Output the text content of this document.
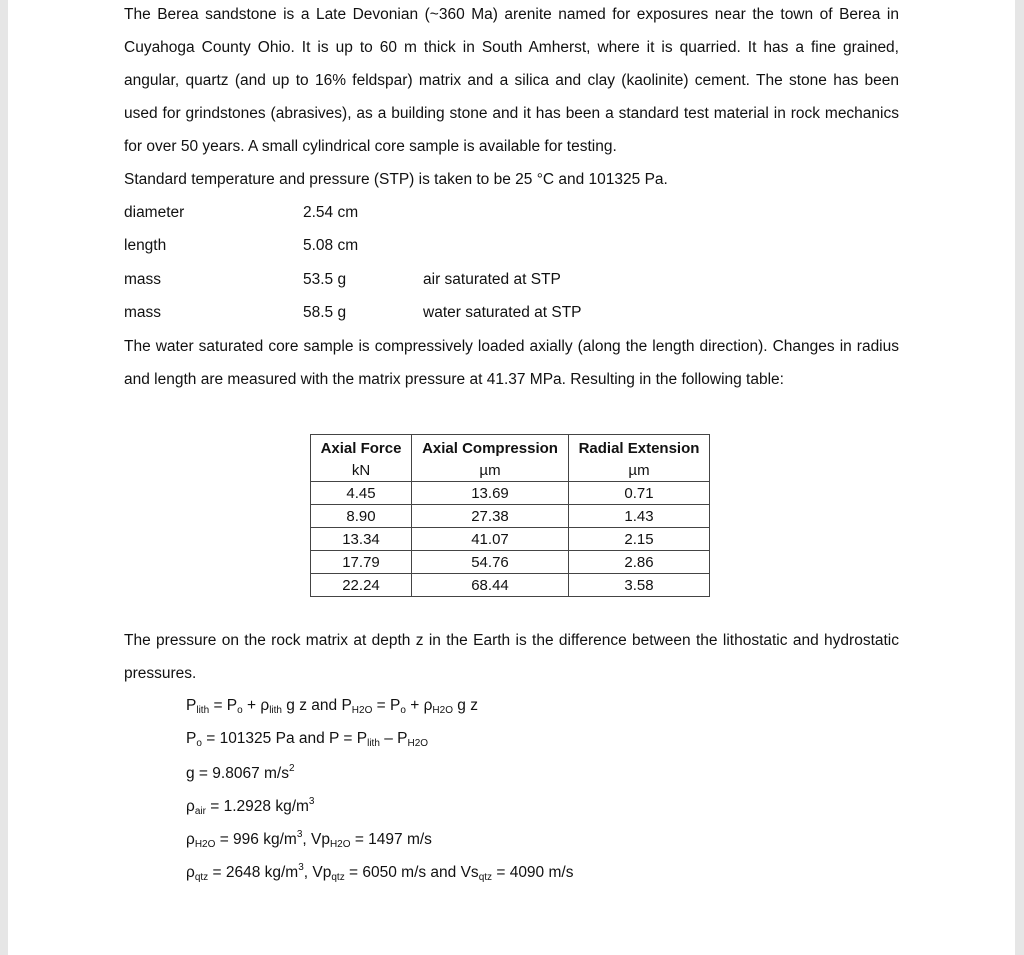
The Berea sandstone is a Late Devonian (~360 Ma) arenite named for exposures near the town of Berea in Cuyahoga County Ohio. It is up to 60 m thick in South Amherst, where it is quarried. It has a fine grained, angular, quartz (and up to 16% feldspar) matrix and a silica and clay (kaolinite) cement. The stone has been used for grindstones (abrasives), as a building stone and it has been a standard test material in rock mechanics for over 50 years. A small cylindrical core sample is available for testing.

Standard temperature and pressure (STP) is taken to be 25 °C and 101325 Pa.

diameter	2.54 cm
length	5.08 cm
mass	53.5 g	air saturated at STP
mass	58.5 g	water saturated at STP

The water saturated core sample is compressively loaded axially (along the length direction). Changes in radius and length are measured with the matrix pressure at 41.37 MPa. Resulting in the following table:

Axial Force	Axial Compression	Radial Extension
kN	µm	µm
4.45	13.69	0.71
8.90	27.38	1.43
13.34	41.07	2.15
17.79	54.76	2.86
22.24	68.44	3.58

The pressure on the rock matrix at depth z in the Earth is the difference between the lithostatic and hydrostatic pressures.

$P_{lith} = P_o + \rho_{lith}$ g z and $P_{H2O} = P_o + \rho_{H2O}$ g z
$P_o = 101325$ Pa and $P = P_{lith} - P_{H2O}$
g = 9.8067 $m/s^2$
$\rho_{air} = 1.2928$ $kg/m^3$
$\rho_{H2O} = 996$ $kg/m^3$, $Vp_{H2O} = 1497$ m/s
$\rho_{qtz} = 2648$ $kg/m^3$, $Vp_{qtz} = 6050$ m/s and $Vs_{qtz} = 4090$ m/s
